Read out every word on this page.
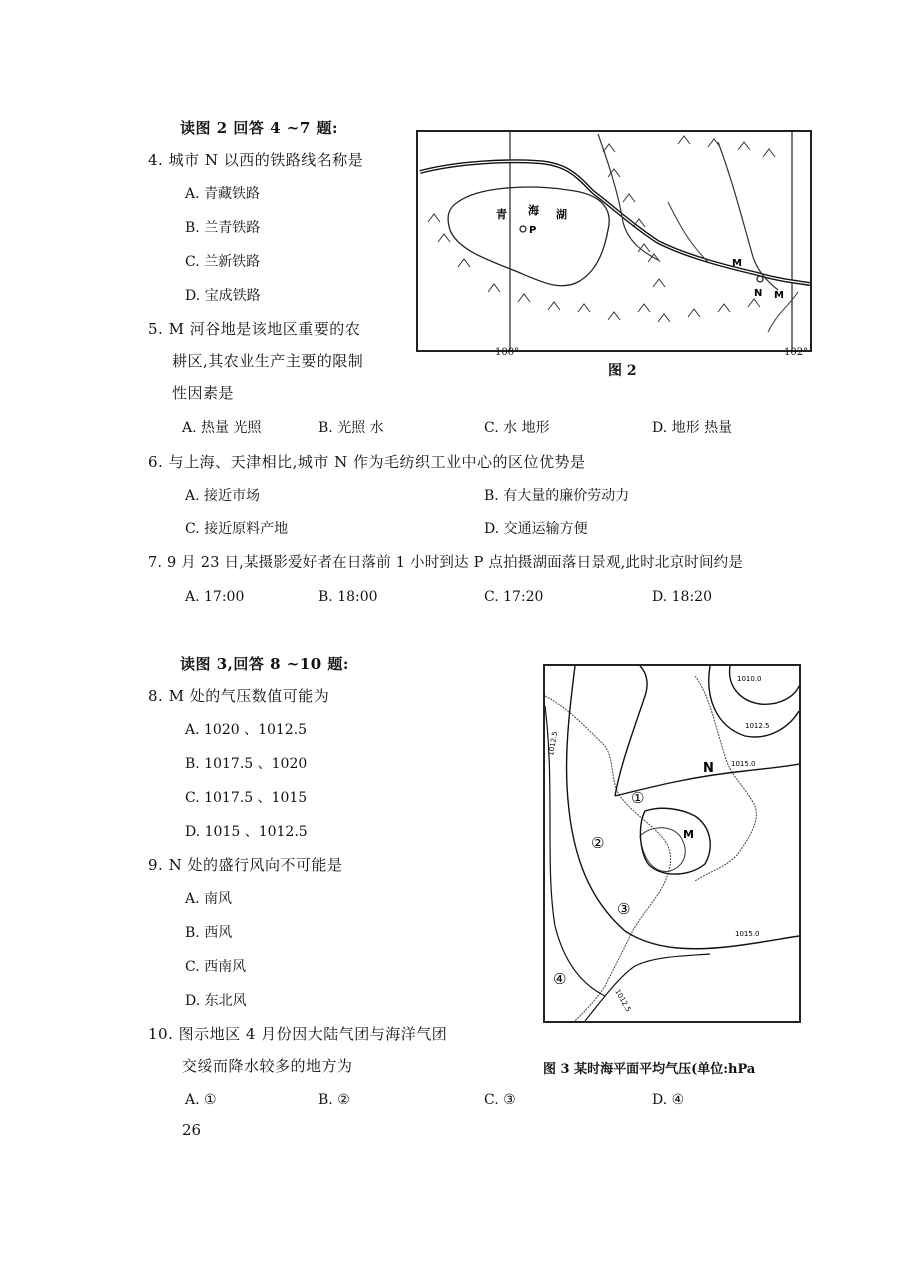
读图 2 回答 4 ~7 题:
4. 城市 N 以西的铁路线名称是
A. 青藏铁路
B. 兰青铁路
C. 兰新铁路
D. 宝成铁路
5. M 河谷地是该地区重要的农
耕区,其农业生产主要的限制
性因素是
A. 热量 光照	B. 光照 水	C. 水 地形	D. 地形 热量
6. 与上海、天津相比,城市 N 作为毛纺织工业中心的区位优势是
A. 接近市场	B. 有大量的廉价劳动力
C. 接近原料产地	D. 交通运输方便
7. 9 月 23 日,某摄影爱好者在日落前 1 小时到达 P 点拍摄湖面落日景观,此时北京时间约是
A. 17:00	B. 18:00	C. 17:20	D. 18:20
青 海 湖
P
M
N M
100°	102°
图 2
读图 3,回答 8 ~10 题:
8. M 处的气压数值可能为
A. 1020 、1012.5
B. 1017.5 、1020
C. 1017.5 、1015
D. 1015 、1012.5
9. N 处的盛行风向不可能是
A. 南风
B. 西风
C. 西南风
D. 东北风
10. 图示地区 4 月份因大陆气团与海洋气团
交绥而降水较多的地方为
A. ①	B. ②	C. ③	D. ④
26
1010.0
1012.5
1012.5
1015.0
1015.0
1012.5
①
②
③
④
N
M
图 3 某时海平面平均气压(单位:hPa
